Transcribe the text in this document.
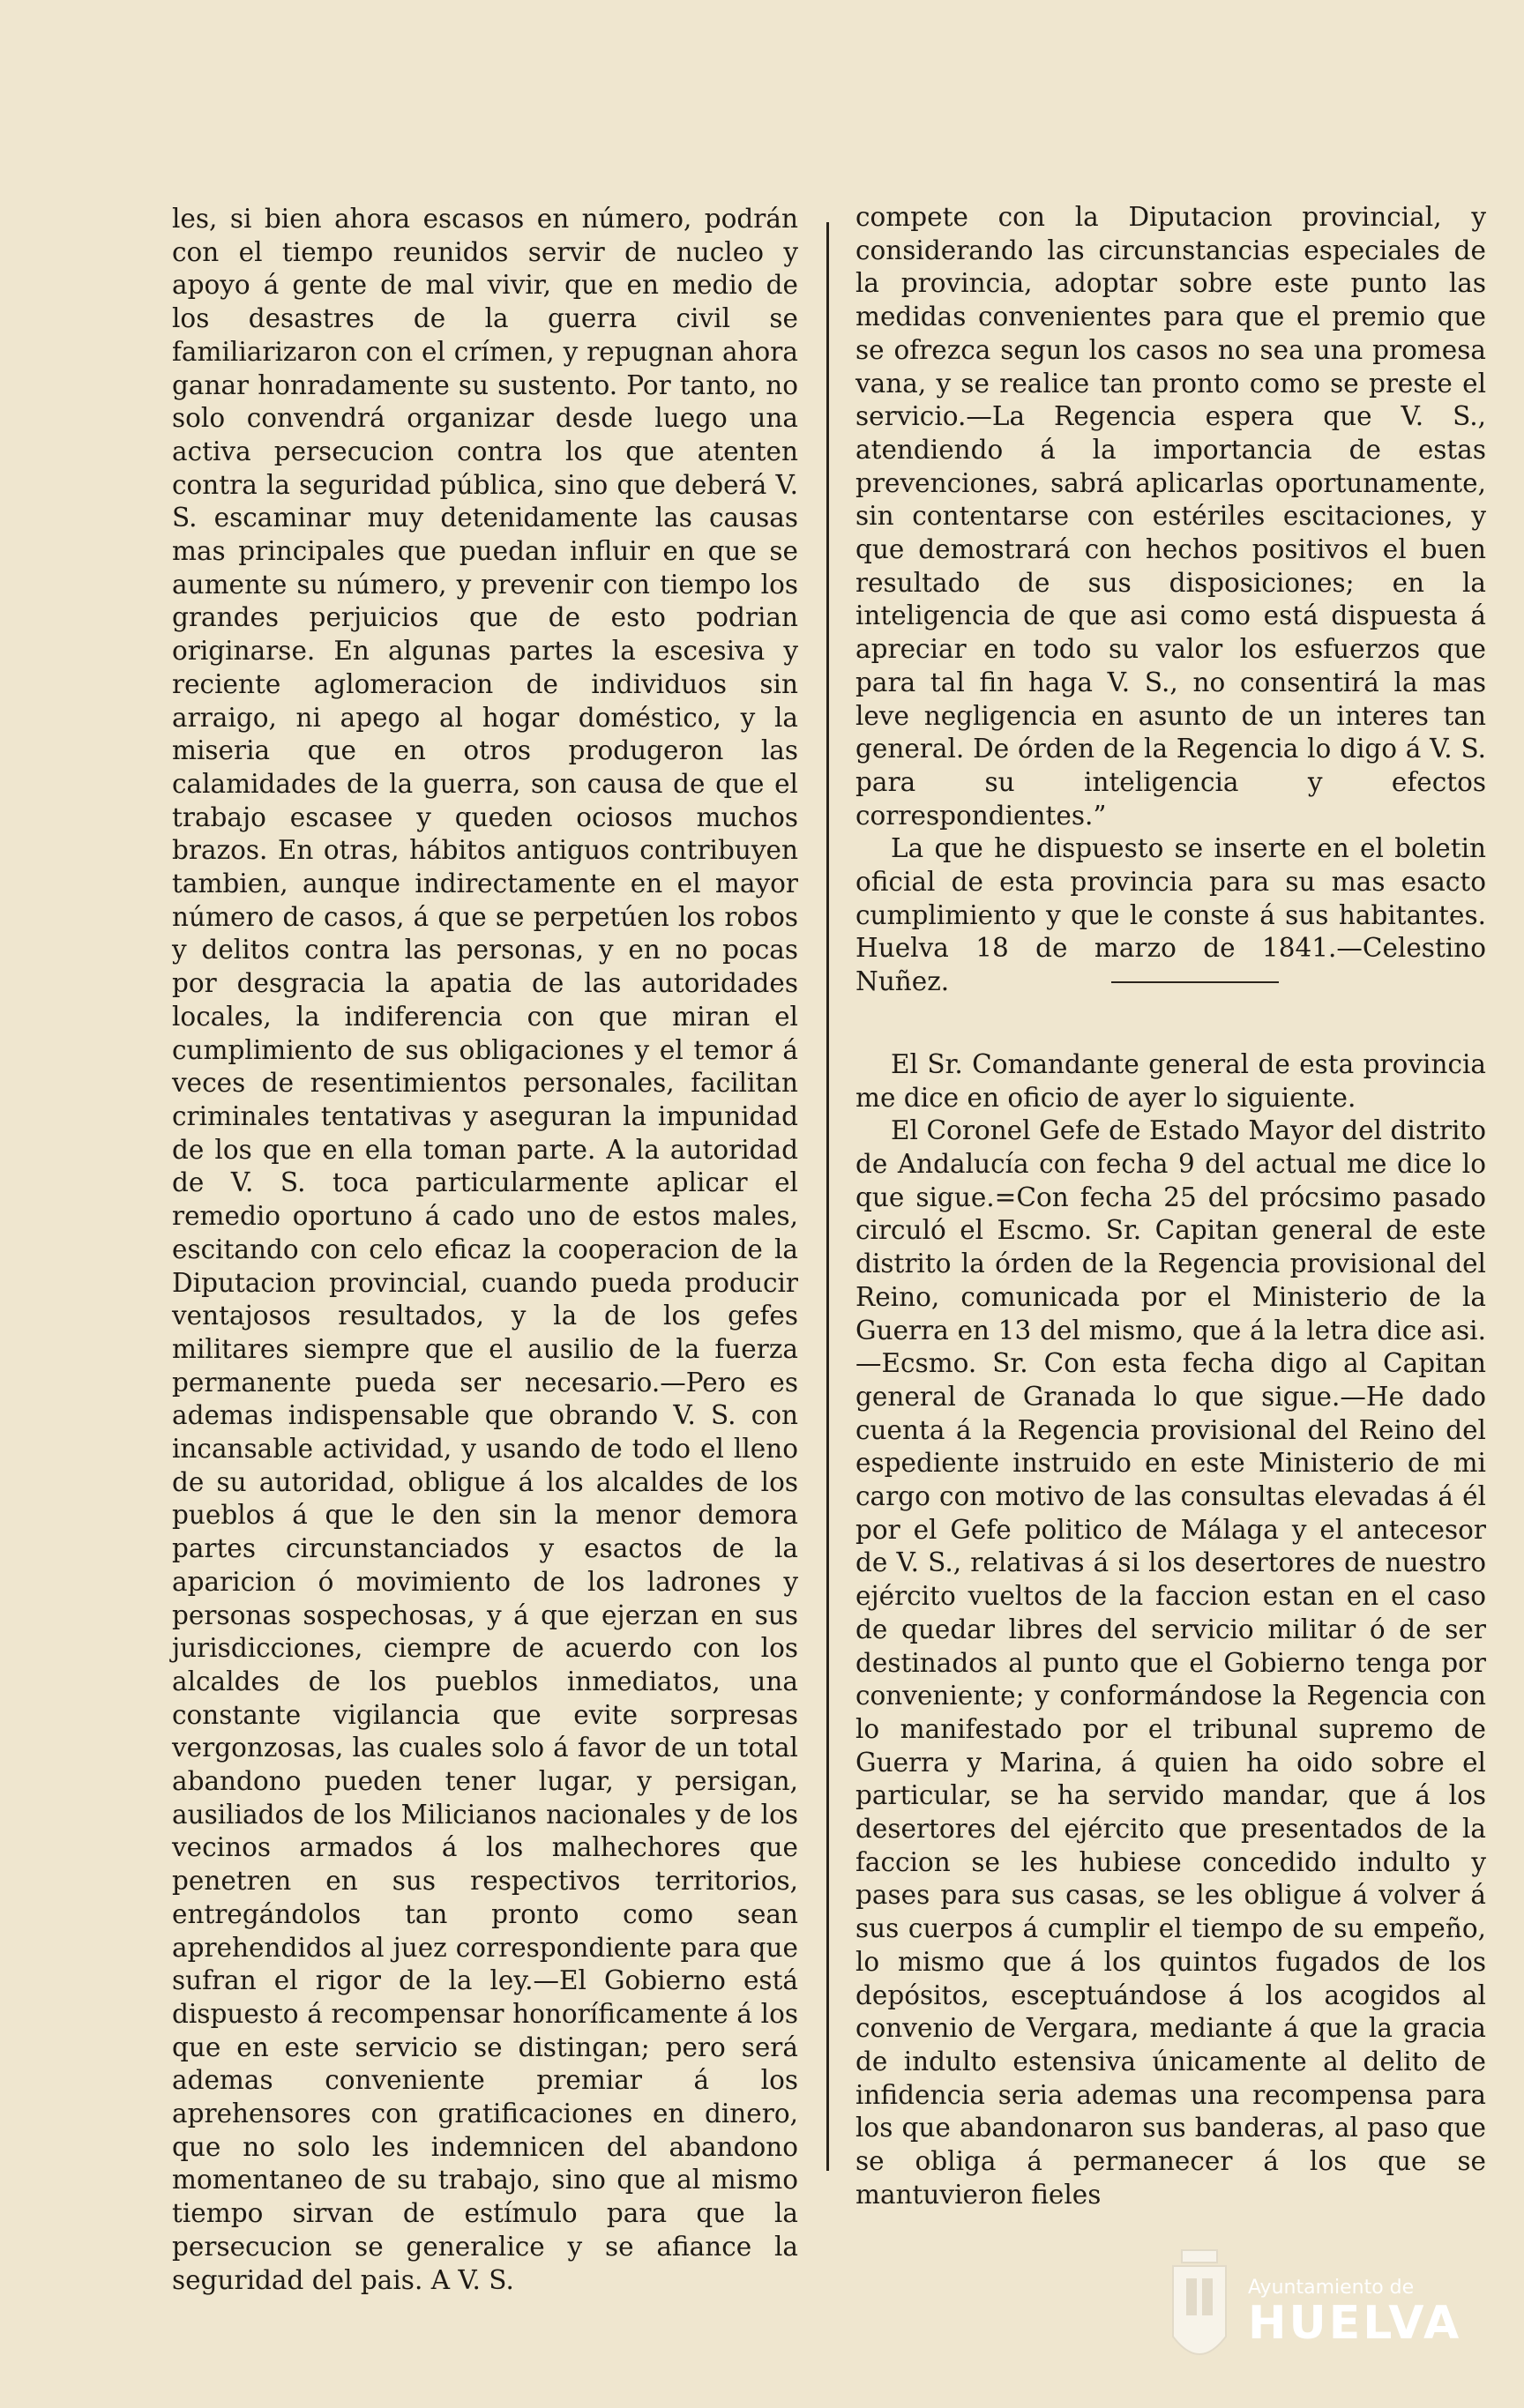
les, si bien ahora escasos en número, podrán con el tiempo reunidos servir de nucleo y apoyo á gente de mal vivir, que en medio de los desastres de la guerra civil se familiarizaron con el crímen, y repugnan ahora ganar honradamente su sustento. Por tanto, no solo convendrá organizar desde luego una activa persecucion contra los que atenten contra la seguridad pública, sino que deberá V. S. escaminar muy detenidamente las causas mas principales que puedan influir en que se aumente su número, y prevenir con tiempo los grandes perjuicios que de esto podrian originarse. En algunas partes la escesiva y reciente aglomeracion de individuos sin arraigo, ni apego al hogar doméstico, y la miseria que en otros produgeron las calamidades de la guerra, son causa de que el trabajo escasee y queden ociosos muchos brazos. En otras, hábitos antiguos contribuyen tambien, aunque indirectamente en el mayor número de casos, á que se perpetúen los robos y delitos contra las personas, y en no pocas por desgracia la apatia de las autoridades locales, la indiferencia con que miran el cumplimiento de sus obligaciones y el temor á veces de resentimientos personales, facilitan criminales tentativas y aseguran la impunidad de los que en ella toman parte. A la autoridad de V. S. toca particularmente aplicar el remedio oportuno á cado uno de estos males, escitando con celo eficaz la cooperacion de la Diputacion provincial, cuando pueda producir ventajosos resultados, y la de los gefes militares siempre que el ausilio de la fuerza permanente pueda ser necesario.—Pero es ademas indispensable que obrando V. S. con incansable actividad, y usando de todo el lleno de su autoridad, obligue á los alcaldes de los pueblos á que le den sin la menor demora partes circunstanciados y esactos de la aparicion ó movimiento de los ladrones y personas sospechosas, y á que ejerzan en sus jurisdicciones, ciempre de acuerdo con los alcaldes de los pueblos inmediatos, una constante vigilancia que evite sorpresas vergonzosas, las cuales solo á favor de un total abandono pueden tener lugar, y persigan, ausiliados de los Milicianos nacionales y de los vecinos armados á los malhechores que penetren en sus respectivos territorios, entregándolos tan pronto como sean aprehendidos al juez correspondiente para que sufran el rigor de la ley.—El Gobierno está dispuesto á recompensar honoríficamente á los que en este servicio se distingan; pero será ademas conveniente premiar á los aprehensores con gratificaciones en dinero, que no solo les indemnicen del abandono momentaneo de su trabajo, sino que al mismo tiempo sirvan de estímulo para que la persecucion se generalice y se afiance la seguridad del pais. A V. S.

compete con la Diputacion provincial, y considerando las circunstancias especiales de la provincia, adoptar sobre este punto las medidas convenientes para que el premio que se ofrezca segun los casos no sea una promesa vana, y se realice tan pronto como se preste el servicio.—La Regencia espera que V. S., atendiendo á la importancia de estas prevenciones, sabrá aplicarlas oportunamente, sin contentarse con estériles escitaciones, y que demostrará con hechos positivos el buen resultado de sus disposiciones; en la inteligencia de que asi como está dispuesta á apreciar en todo su valor los esfuerzos que para tal fin haga V. S., no consentirá la mas leve negligencia en asunto de un interes tan general. De órden de la Regencia lo digo á V. S. para su inteligencia y efectos correspondientes.”

La que he dispuesto se inserte en el boletin oficial de esta provincia para su mas esacto cumplimiento y que le conste á sus habitantes. Huelva 18 de marzo de 1841.—Celestino Nuñez.

El Sr. Comandante general de esta provincia me dice en oficio de ayer lo siguiente.

El Coronel Gefe de Estado Mayor del distrito de Andalucía con fecha 9 del actual me dice lo que sigue.=Con fecha 25 del prócsimo pasado circuló el Escmo. Sr. Capitan general de este distrito la órden de la Regencia provisional del Reino, comunicada por el Ministerio de la Guerra en 13 del mismo, que á la letra dice asi.—Ecsmo. Sr. Con esta fecha digo al Capitan general de Granada lo que sigue.—He dado cuenta á la Regencia provisional del Reino del espediente instruido en este Ministerio de mi cargo con motivo de las consultas elevadas á él por el Gefe politico de Málaga y el antecesor de V. S., relativas á si los desertores de nuestro ejército vueltos de la faccion estan en el caso de quedar libres del servicio militar ó de ser destinados al punto que el Gobierno tenga por conveniente; y conformándose la Regencia con lo manifestado por el tribunal supremo de Guerra y Marina, á quien ha oido sobre el particular, se ha servido mandar, que á los desertores del ejército que presentados de la faccion se les hubiese concedido indulto y pases para sus casas, se les obligue á volver á sus cuerpos á cumplir el tiempo de su empeño, lo mismo que á los quintos fugados de los depósitos, esceptuándose á los acogidos al convenio de Vergara, mediante á que la gracia de indulto estensiva únicamente al delito de infidencia seria ademas una recompensa para los que abandonaron sus banderas, al paso que se obliga á permanecer á los que se mantuvieron fieles

Ayuntamiento de
HUELVA
